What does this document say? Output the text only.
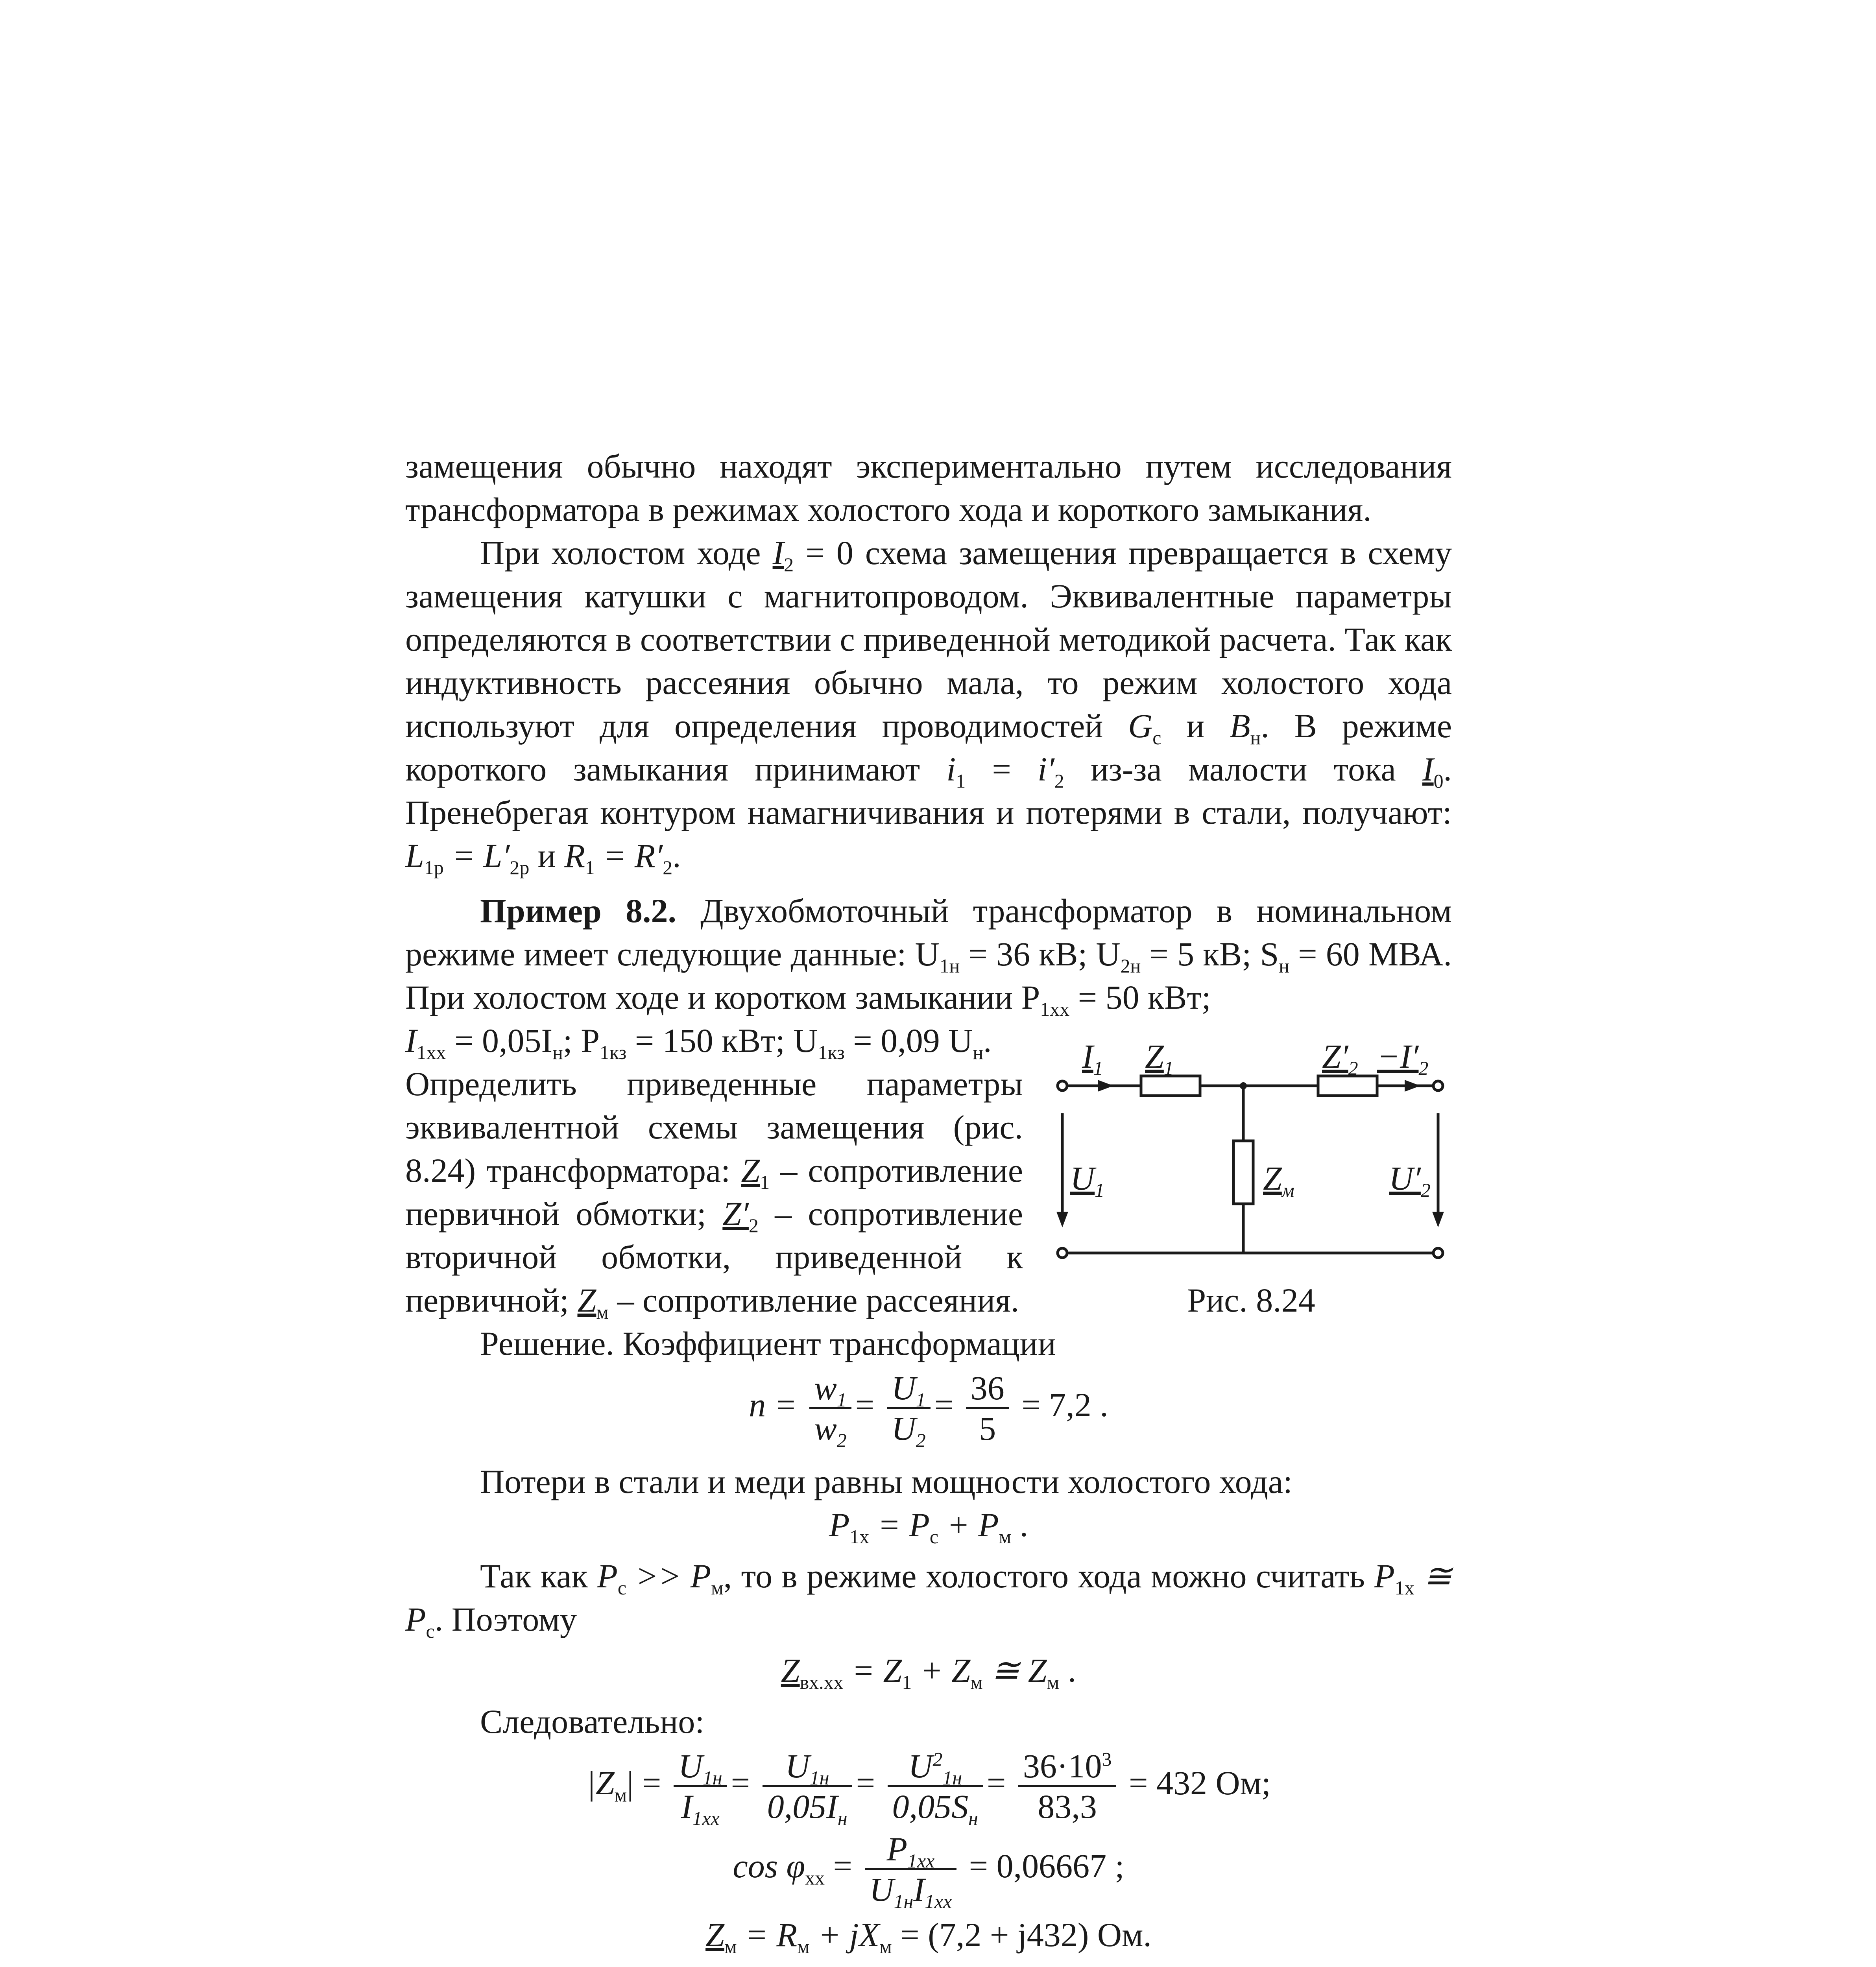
замещения обычно находят экспериментально путем исследования трансформатора в режимах холостого хода и короткого замыкания.

При холостом ходе $I_2 = 0$ схема замещения превращается в схему замещения катушки с магнитопроводом. Эквивалентные параметры определяются в соответствии с приведенной методикой расчета. Так как индуктивность рассеяния обычно мала, то режим холостого хода используют для определения проводимостей $G_c$ и $B_н$. В режиме короткого замыкания принимают $i_1 = i'_2$ из-за малости тока $I_0$. Пренебрегая контуром намагничивания и потерями в стали, получают: $L_{1p} = L'_{2p}$ и $R_1 = R'_2$.

Пример 8.2. Двухобмоточный трансформатор в номинальном режиме имеет следующие данные: $U_{1н} = 36$ кВ; $U_{2н} = 5$ кВ; $S_н = 60$ МВА. При холостом ходе и коротком замыкании $P_{1xx} = 50$ кВт;

$I_{1xx} = 0,05I_н$; $P_{1кз} = 150$ кВт; $U_{1кз} = 0,09$ $U_н$.

Определить приведенные параметры эквивалентной схемы замещения (рис. 8.24) трансформатора: $Z_1$ – сопротивление первичной обмотки; $Z'_2$ – сопротивление вторичной обмотки, приведенной к первичной; $Z_м$ – сопротивление рассеяния.

$I_1$ $Z_1$	$Z'_2 -I'_2$
$U_1$	$Z_м$	$U'_2$
Рис. 8.24

Решение. Коэффициент трансформации

$n = \frac{w_1}{w_2} = \frac{U_1}{U_2} = \frac{36}{5} = 7,2$ .

Потери в стали и меди равны мощности холостого хода:

$P_{1x} = P_c + P_м$ .

Так как $P_c >> P_м$, то в режиме холостого хода можно считать $P_{1x}$ ≅ $P_c$. Поэтому

$Z_{вх.хх} = Z_1 + Z_м$ ≅ $Z_м$ .

Следовательно:

$|Z_м| = \frac{U_{1н}}{I_{1xx}} = \frac{U_{1н}}{0,05I_н} = \frac{U^2_{1н}}{0,05S_н} = \frac{36\cdot 10^3}{83,3} = 432$ Ом;

$\cos \varphi_{xx} = \frac{P_{1xx}}{U_{1н}I_{1xx}} = 0,06667$ ;

$Z_м = R_м + jX_м = (7,2 + j432)$ Ом.
